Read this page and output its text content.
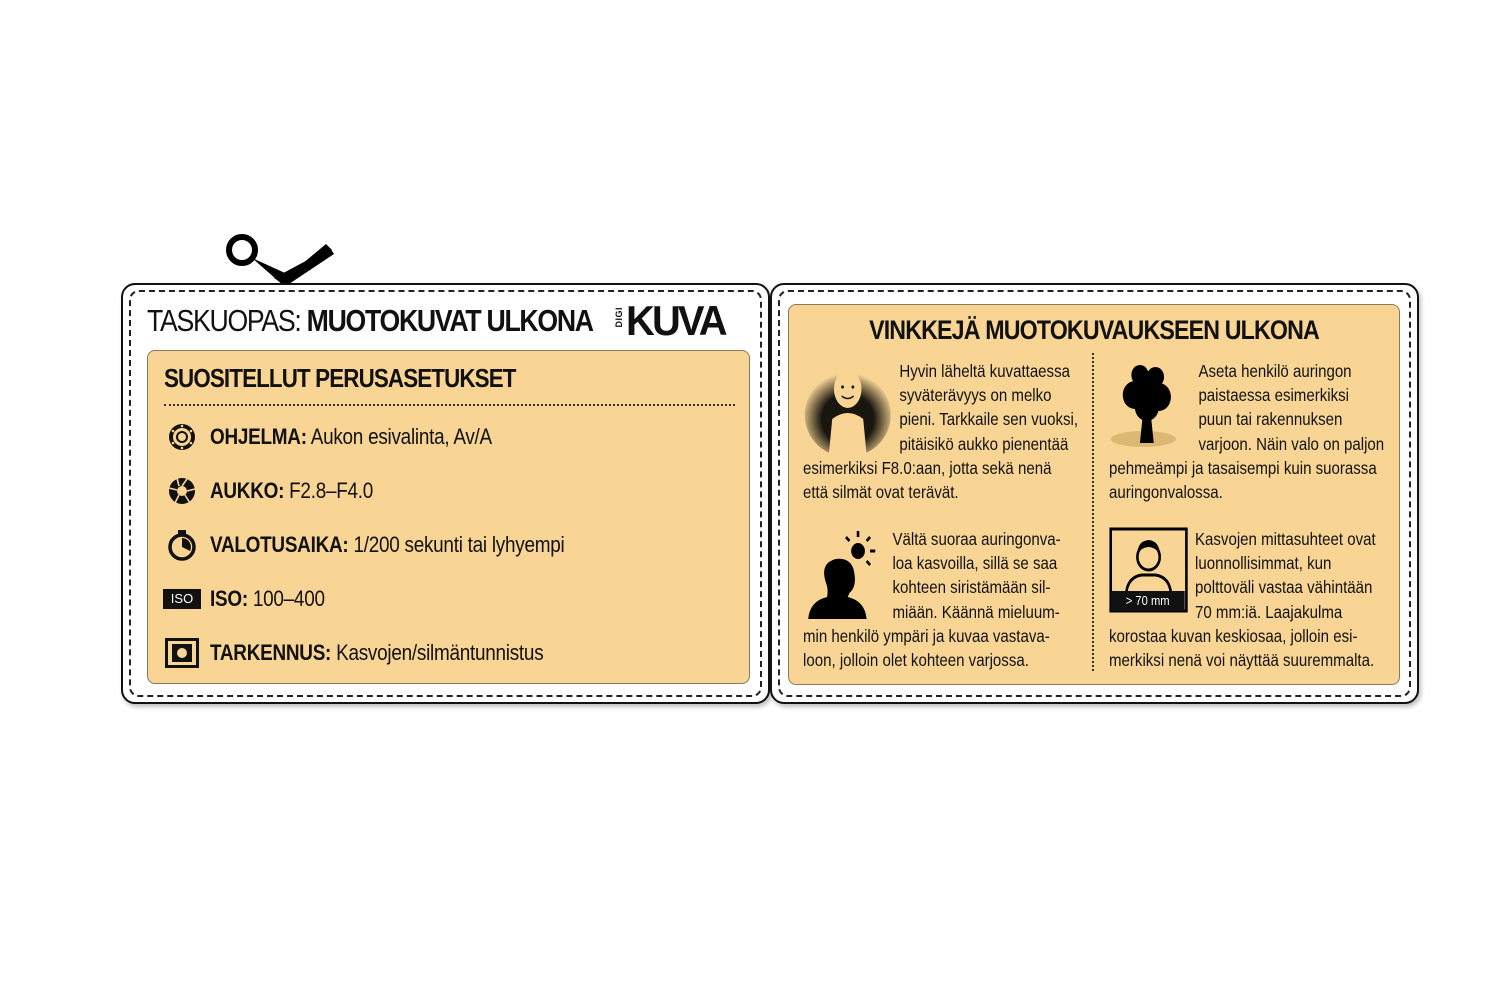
TASKUOPAS: MUOTOKUVAT ULKONA DIGI KUVA
SUOSITELLUT PERUSASETUKSET
OHJELMA: Aukon esivalinta, Av/A
AUKKO: F2.8–F4.0
VALOTUSAIKA: 1/200 sekunti tai lyhyempi
ISO ISO: 100–400
TARKENNUS: Kasvojen/silmäntunnistus
VINKKEJÄ MUOTOKUVAUKSEEN ULKONA

Hyvin läheltä kuvattaessa syväterävyys on melko pieni. Tarkkaile sen vuoksi, pitäisikö aukko pienentää esimerkiksi F8.0:aan, jotta sekä nenä että silmät ovat terävät.

Aseta henkilö auringon paistaessa esimerkiksi puun tai rakennuksen varjoon. Näin valo on paljon pehmeämpi ja tasaisempi kuin suorassa auringonvalossa.

Vältä suoraa auringonva-loa kasvoilla, sillä se saa kohteen siristämään sil-miään. Käännä mieluum-min henkilö ympäri ja kuvaa vastava-loon, jolloin olet kohteen varjossa.

> 70 mm

Kasvojen mittasuhteet ovat luonnollisimmat, kun polttoväli vastaa vähintään 70 mm:iä. Laajakulma korostaa kuvan keskiosaa, jolloin esi-merkiksi nenä voi näyttää suuremmalta.
